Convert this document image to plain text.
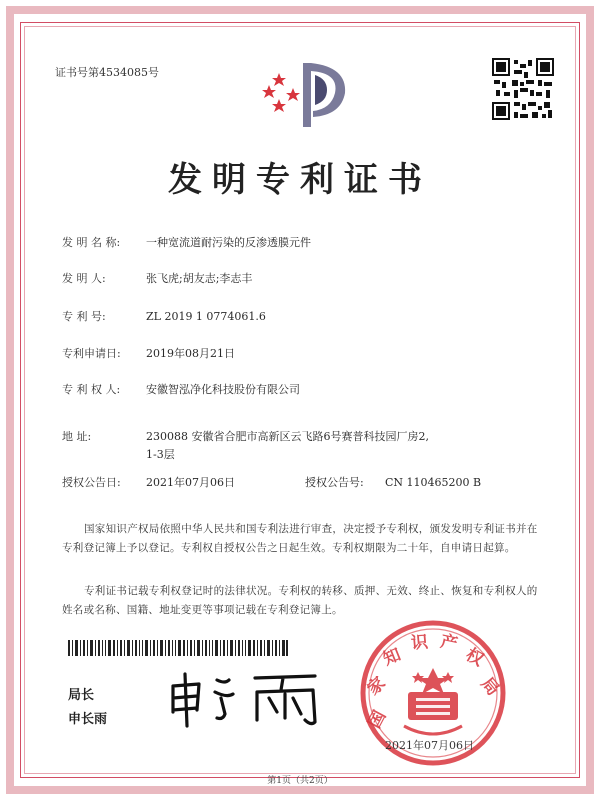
证书号第4534085号
发明专利证书
发 明 名 称: 一种宽流道耐污染的反渗透膜元件
发 明 人:	张飞虎;胡友志;李志丰
专 利 号:	ZL 2019 1 0774061.6
专利申请日: 2019年08月21日
专 利 权 人: 安徽智泓净化科技股份有限公司
地 址:	230088 安徽省合肥市高新区云飞路6号赛普科技园厂房2,
1-3层
授权公告日: 2021年07月06日	授权公告号: CN 110465200 B
国家知识产权局依照中华人民共和国专利法进行审查，决定授予专利权，颁发发明专利证书并在专利登记簿上予以登记。专利权自授权公告之日起生效。专利权期限为二十年，自申请日起算。
专利证书记载专利权登记时的法律状况。专利权的转移、质押、无效、终止、恢复和专利权人的姓名或名称、国籍、地址变更等事项记载在专利登记簿上。
局长
申长雨	国
家
知
识 产
权
局
2021年07月06日
第1页（共2页）
